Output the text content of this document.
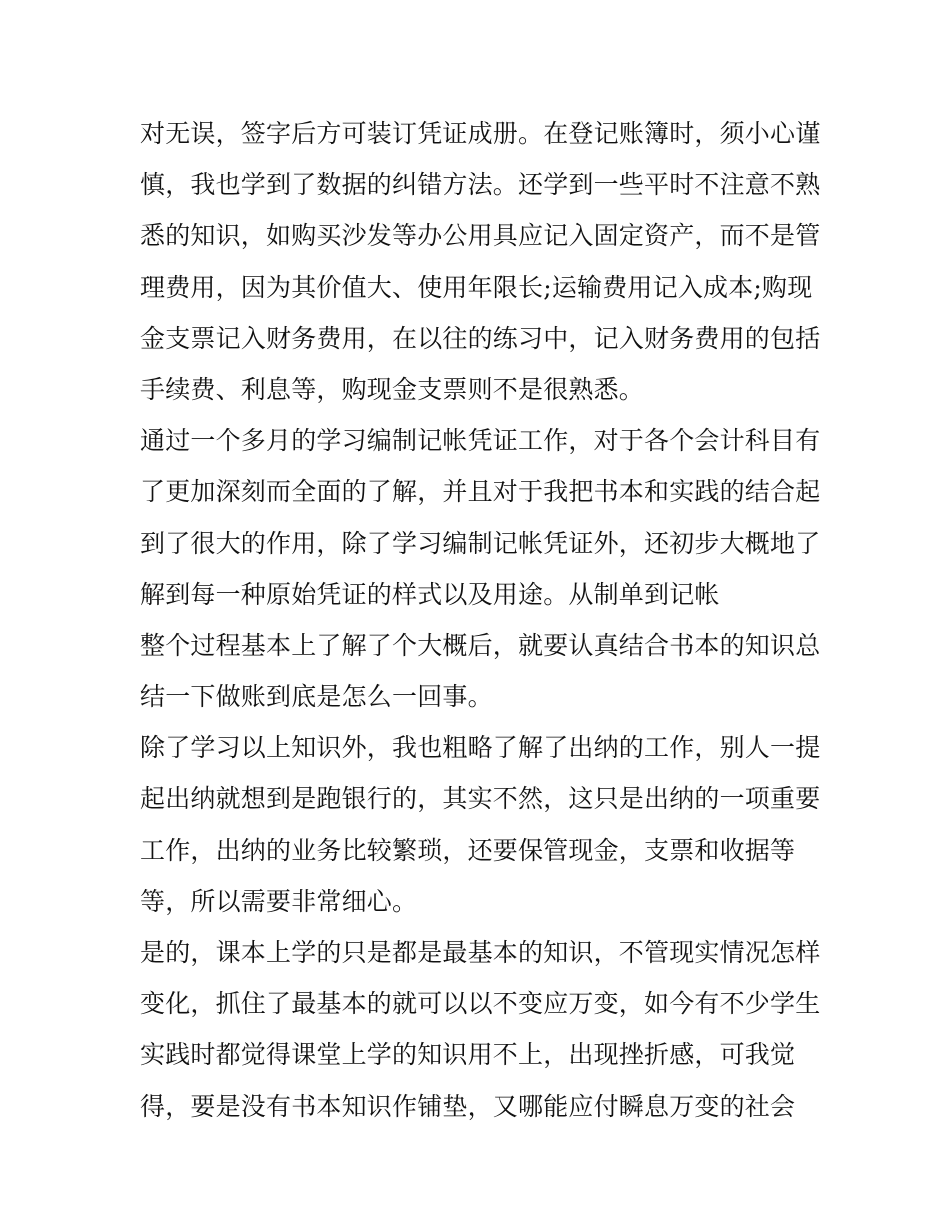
对无误，签字后方可装订凭证成册。在登记账簿时，须小心谨
慎，我也学到了数据的纠错方法。还学到一些平时不注意不熟
悉的知识，如购买沙发等办公用具应记入固定资产，而不是管
理费用，因为其价值大、使用年限长;运输费用记入成本;购现
金支票记入财务费用，在以往的练习中，记入财务费用的包括
手续费、利息等，购现金支票则不是很熟悉。
通过一个多月的学习编制记帐凭证工作，对于各个会计科目有
了更加深刻而全面的了解，并且对于我把书本和实践的结合起
到了很大的作用，除了学习编制记帐凭证外，还初步大概地了
解到每一种原始凭证的样式以及用途。从制单到记帐
整个过程基本上了解了个大概后，就要认真结合书本的知识总
结一下做账到底是怎么一回事。
除了学习以上知识外，我也粗略了解了出纳的工作，别人一提
起出纳就想到是跑银行的，其实不然，这只是出纳的一项重要
工作，出纳的业务比较繁琐，还要保管现金，支票和收据等
等，所以需要非常细心。
是的，课本上学的只是都是最基本的知识，不管现实情况怎样
变化，抓住了最基本的就可以以不变应万变，如今有不少学生
实践时都觉得课堂上学的知识用不上，出现挫折感，可我觉
得，要是没有书本知识作铺垫，又哪能应付瞬息万变的社会
